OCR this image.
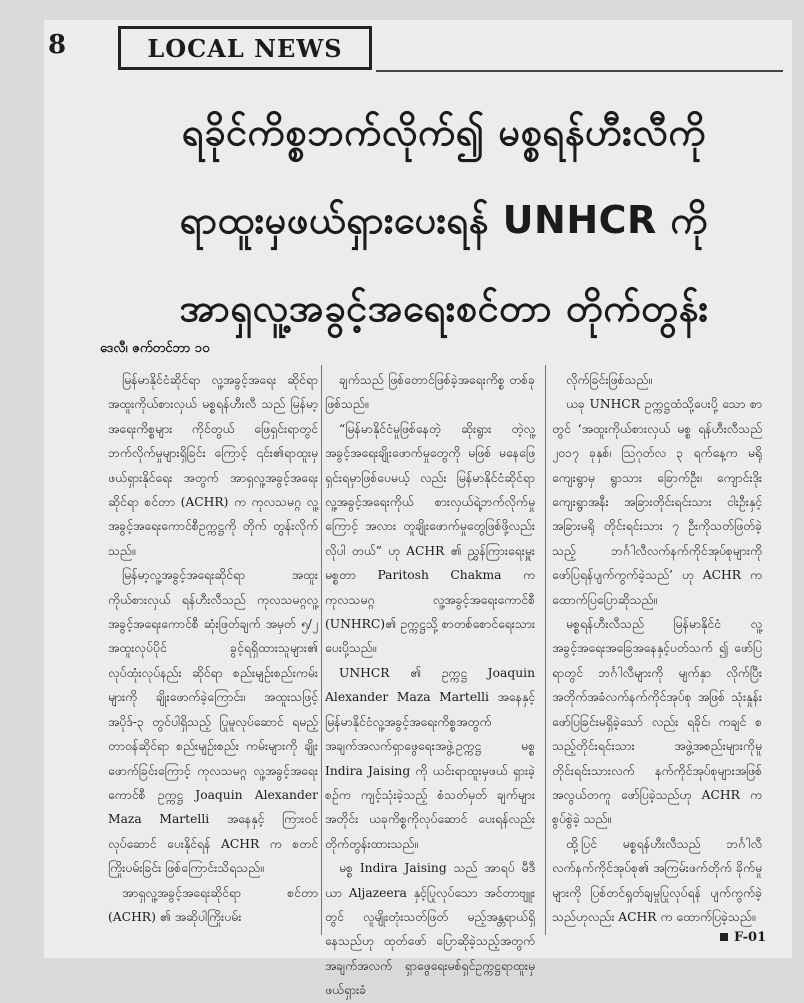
8	LOCAL NEWS
ရခိုင်ကိစ္စဘက်လိုက်၍ မစ္စရန်ဟီးလီကို
ရာထူးမှဖယ်ရှားပေးရန် UNHCR ကို
အာရှလူ့အခွင့်အရေးစင်တာ တိုက်တွန်း
ဒေလီ၊ ဇက်တင်ဘာ ၁၀

မြန်မာနိုင်ငံဆိုင်ရာ လူ့အခွင့်အရေး ဆိုင်ရာအထူးကိုယ်စားလှယ် မစ္စရန်ဟီးလီ သည် မြန်မာ့အရေးကိစ္စများ ကိုင်တွယ် ဖြေရှင်းရာတွင် ဘက်လိုက်မှုများရှိခြင်း ကြောင့် ၎င်း၏ရာထူးမှဖယ်ရှားနိုင်ရေး အတွက် အာရှလူ့အခွင့်အရေး ဆိုင်ရာ စင်တာ (ACHR) က ကုလသမဂ္ဂ လူ့အခွင့်အရေးကောင်စီဥက္ကဋ္ဌကို တိုက် တွန်းလိုက်သည်။

မြန်မာ့လူ့အခွင့်အရေးဆိုင်ရာ အထူးကိုယ်စားလှယ် ရန်ဟီးလီသည် ကုလသမဂ္ဂလူ့အခွင့်အရေးကောင်စီ ဆုံးဖြတ်ချက် အမှတ် ၅/၂ အထူးလုပ်ပိုင် ခွင့်ရရှိထားသူများ၏ လုပ်ထုံးလုပ်နည်း ဆိုင်ရာ စည်းမျဉ်းစည်းကမ်းများကို ချိုးဖောက်ခဲ့ကြောင်း၊ အထူးသဖြင့် အပိုဒ်-၃ တွင်ပါရှိသည့် ပြုမူလုပ်ဆောင် ရမည့်တာဝန်ဆိုင်ရာ စည်းမျဉ်းစည်း ကမ်းများကို ချိုးဖောက်ခြင်းကြောင့် ကုလသမဂ္ဂ လူ့အခွင့်အရေးကောင်စီ ဥက္ကဋ္ဌ Joaquin Alexander Maza Martelli အနေနှင့် ကြားဝင်လုပ်ဆောင် ပေးနိုင်ရန် ACHR က စတင်ကြိုးပမ်းခြင်း ဖြစ်ကြောင်းသိရသည်။

အာရှလူ့အခွင့်အရေးဆိုင်ရာ စင်တာ (ACHR) ၏ အဆိုပါကြိုးပမ်း

ချက်သည် ဖြစ်တောင်ဖြစ်ခဲ့အရေးကိစ္စ တစ်ခုဖြစ်သည်။

“မြန်မာနိုင်ငံမှုဖြစ်နေတဲ့ ဆိုးရွား တဲ့လူ့အခွင့်အရေးချိုးဖောက်မှုတွေကို မဖြစ် မနေဖြေရှင်းရမှာဖြစ်ပေမယ့် လည်း မြန်မာနိုင်ငံဆိုင်ရာ လူ့အခွင့်အရေးကိုယ် စားလှယ်ရဲ့ဘက်လိုက်မှုကြောင့် အလား တူချိုးဖောက်မှုတွေဖြစ်ဖို့လည်း လိုပါ တယ်” ဟု ACHR ၏ ညွှန်ကြားရေးမှူး မစ္စတာ Paritosh Chakma က ကုလသမဂ္ဂ လူ့အခွင့်အရေးကောင်စီ (UNHRC)၏ ဥက္ကဋ္ဌသို့ စာတစ်စောင်ရေးသားပေးပို့သည်။

UNHCR ၏ ဥက္ကဋ္ဌ Joaquin Alexander Maza Martelli အနေနှင့် မြန်မာနိုင်ငံလူ့အခွင့်အရေးကိစ္စအတွက် အချက်အလက်ရှာဖွေရေးအဖွဲ့ဥက္ကဋ္ဌ မစ္စ Indira Jaising ကို ယင်းရာထူးမှဖယ် ရှားခဲ့စဉ်က ကျင့်သုံးခဲ့သည့် စံသတ်မှတ် ချက်များအတိုင်း ယခုကိစ္စကိုလုပ်ဆောင် ပေးရန်လည်း တိုက်တွန်းထားသည်။

မစ္စ Indira Jaising သည် အာရပ် မီဒီယာ Aljazeera နှင့်ပြုလုပ်သော အင်တာဗျူးတွင် လူမျိုးတုံးသတ်ဖြတ် မည့်အန္တရာယ်ရှိနေသည်ဟု ထုတ်ဖော် ပြောဆိုခဲ့သည့်အတွက် အချက်အလက် ရှာဖွေရေးမစ်ရှင်ဥက္ကဋ္ဌရာထူးမှ ဖယ်ရှားခံ

လိုက်ခြင်းဖြစ်သည်။

ယခု UNHCR ဥက္ကဋ္ဌထံသို့ပေးပို့ သော စာတွင် ‘အထူးကိုယ်စားလှယ် မစ္စ ရန်ဟီးလီသည် ၂၀၁၇ ခုနှစ်၊ ဩဂုတ်လ ၃ ရက်နေ့က မရိုကျေးရွာမှ ရွာသား ခြောက်ဦး၊ ကျောင်းဒိုးကျေးရွာအနီး အခြားတိုင်းရင်းသား ငါးဦးနှင့် အခြားမရို တိုင်းရင်းသား ၇ ဦးကိုသတ်ဖြတ်ခဲ့သည့် ဘင်္ဂါလီလက်နက်ကိုင်အုပ်စုများကို ဖော်ပြရန်ပျက်ကွက်ခဲ့သည်’ ဟု ACHR က ထောက်ပြပြောဆိုသည်။

မစ္စရန်ဟီးလီသည် မြန်မာနိုင်ငံ လူ့အခွင့်အရေးအခြေအနေနှင့်ပတ်သက် ၍ ဖော်ပြရာတွင် ဘင်္ဂါလီများကို မျက်နှာ လိုက်ပြီး အတိုက်အခံလက်နက်ကိုင်အုပ်စု အဖြစ် သုံးနှုန်းဖော်ပြခြင်းမရှိခဲ့သော် လည်း ရခိုင်၊ ကချင် စသည့်တိုင်းရင်းသား အဖွဲ့အစည်းများကိုမူ တိုင်းရင်းသားလက် နက်ကိုင်အုပ်စုများအဖြစ် အလွယ်တကူ ဖော်ပြခဲ့သည်ဟု ACHR က စွပ်စွဲခဲ့ သည်။

ထို့ပြင် မစ္စရန်ဟီးလီသည် ဘင်္ဂါလီ လက်နက်ကိုင်အုပ်စု၏ အကြမ်းဖက်တိုက် ခိုက်မှုများကို ပြစ်တင်ရှုတ်ချမှုပြုလုပ်ရန် ပျက်ကွက်ခဲ့သည်ဟုလည်း ACHR က ထောက်ပြခဲ့သည်။

F-01
